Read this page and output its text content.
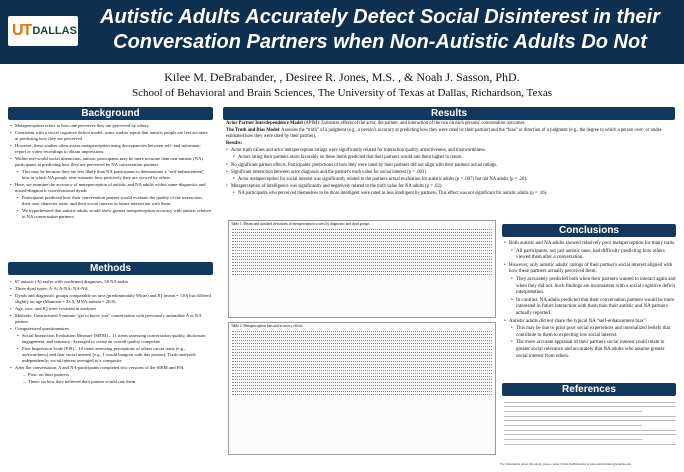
UT DALLAS
Autistic Adults Accurately Detect Social Disinterest in their
Conversation Partners when Non-Autistic Adults Do Not
Kilee M. DeBrabander, , Desiree R. Jones, M.S. , & Noah J. Sasson, PhD.
School of Behavioral and Brain Sciences, The University of Texas at Dallas, Richardson, Texas
Background
• Metaperception refers to how one perceives they are perceived by others.
• Consistent with a social cognitive deficit model, some studies report that autistic people are less accurate at predicting how they are perceived
• However, these studies often assess metaperception using discrepancies between self- and informant-report or video recordings to obtain impressions
• Within real-world social interaction, autistic participants may be more accurate than non-autistic (NA) participants at predicting how they are perceived by NA conversation partners
• This may be because they are less likely than NA participants to demonstrate a “self-enhancement” bias in which NA people over-estimate how positively they are viewed by others
• Here, we examine the accuracy of metaperception of autistic and NA adults within same-diagnostic and mixed-diagnostic conversational dyads
• Participants predicted how their conversation partner would evaluate the quality of the interaction, their own character traits, and their social interest in future interaction with them.
• We hypothesized that autistic adults would show greater metaperception accuracy with autistic relative to NA conversation partners.
Methods
• 67 autistic (A) males with confirmed diagnoses, 58 NA males
• Three dyad types: A-A; A-NA; NA-NA
• Dyads and diagnostic groups comparable on race (predominantly White) and IQ (mean = 110) but differed slightly on age (Mautism = 23.5; MNA-autism = 20.8).
• Age, race, and IQ were covaried in analyses
• Methods: Unstructured 5-minute “get to know you” conversation with previously unfamiliar A or NA partner.
• Computerized questionnaires
• Social Interaction Evaluation Measure (SIEM) – 11 items assessing conversation quality, disclosure, engagement, and intimacy; Averaged to create an overall quality composite
• First Impression Scale (FIS) – 10 items assessing perceptions of others on six traits (e.g., awkwardness) and four social interest (e.g., I would hangout with this person). Traits analyzed independently; social interest averaged to a composite.
• After the conversation, A and NA participants completed two versions of the SIEM and FIS.
– First: on their partners
– Them: on how they believed their partner would rate them
Results

Actor Partner Interdependence Model (APIM): Estimates effects of the actor, the partner, and interaction of the two on each persons' conversation outcomes

The Truth and Bias Model: Assesses the “truth” of a judgment (e.g., a person's accuracy at predicting how they were rated by their partner) and the “bias” or direction of a judgment (e.g., the degree to which a person over- or under- estimated how they were rated by their partner).

Results:

• Actor truth values and actor metaperception ratings were significantly related for interaction quality, attractiveness, and trustworthiness.
• Actors rating their partners more favorably on these items predicted that their partners would rate them higher in return.
• No significant partner effects. Participants' predictions of how they were rated by their partners did not align with their partners actual ratings.
• Significant interaction between actor diagnosis and the partner's truth value for social interest (p = .003).
• Actor metaperception for social interest was significantly related to the partners actual evaluation for autistic adults (p = .007) but not NA adults (p = .20).
• Metaperception of intelligence was significantly and negatively related to the truth value for NA adults (p = .02).
• NA participants who perceived themselves to be more intelligent were rated as less intelligent by partners. This effect was not significant for autistic adults (p = .16).
Table 1. Means and standard deviations of metaperception scores by diagnostic and dyad groups
Table 2. Metaperception bias and accuracy effects
Conclusions
• Both autistic and NA adults showed relatively poor metaperception for many traits.
• All participants, not just autistic ones, had difficulty predicting how others viewed them after a conversation.
• However, only autistic adults' ratings of their partner's social interest aligned with how these partners actually perceived them.
• They accurately predicted both when their partners wanted to interact again and when they did not. Such findings are inconsistent with a social cognitive deficit interpretation.
• In contrast, NA adults predicted that their conversation partners would be more interested in future interaction with them than their autistic and NA partners actually reported.
• Autistic adults did not share the typical NA “self-enhancement bias”.
• This may be due to prior poor social experiences and internalized beliefs that contribute to them to expecting low social interest.
• The more accurate appraisal of their partners social interest could relate to greater social relevance and accurately that NA adults who assume greater social interest from others.
References
For information about this study, please contact Kilee DeBrabander at kilee.debrabander@utdallas.edu
